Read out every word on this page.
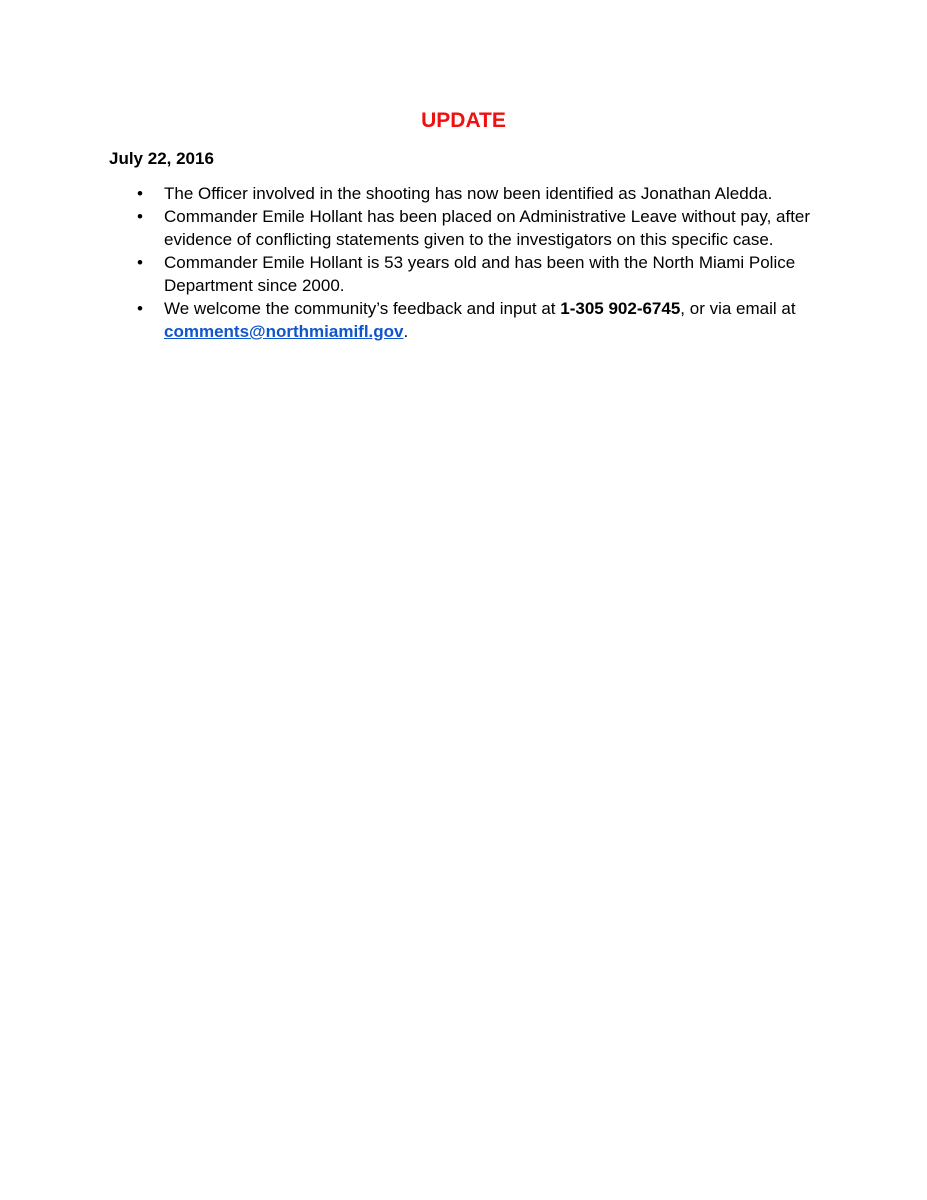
UPDATE
July 22, 2016
• The Officer involved in the shooting has now been identified as Jonathan Aledda.
• Commander Emile Hollant has been placed on Administrative Leave without pay, after evidence of conflicting statements given to the investigators on this specific case.
• Commander Emile Hollant is 53 years old and has been with the North Miami Police Department since 2000.
• We welcome the community’s feedback and input at 1-305 902-6745, or via email at comments@northmiamifl.gov.
